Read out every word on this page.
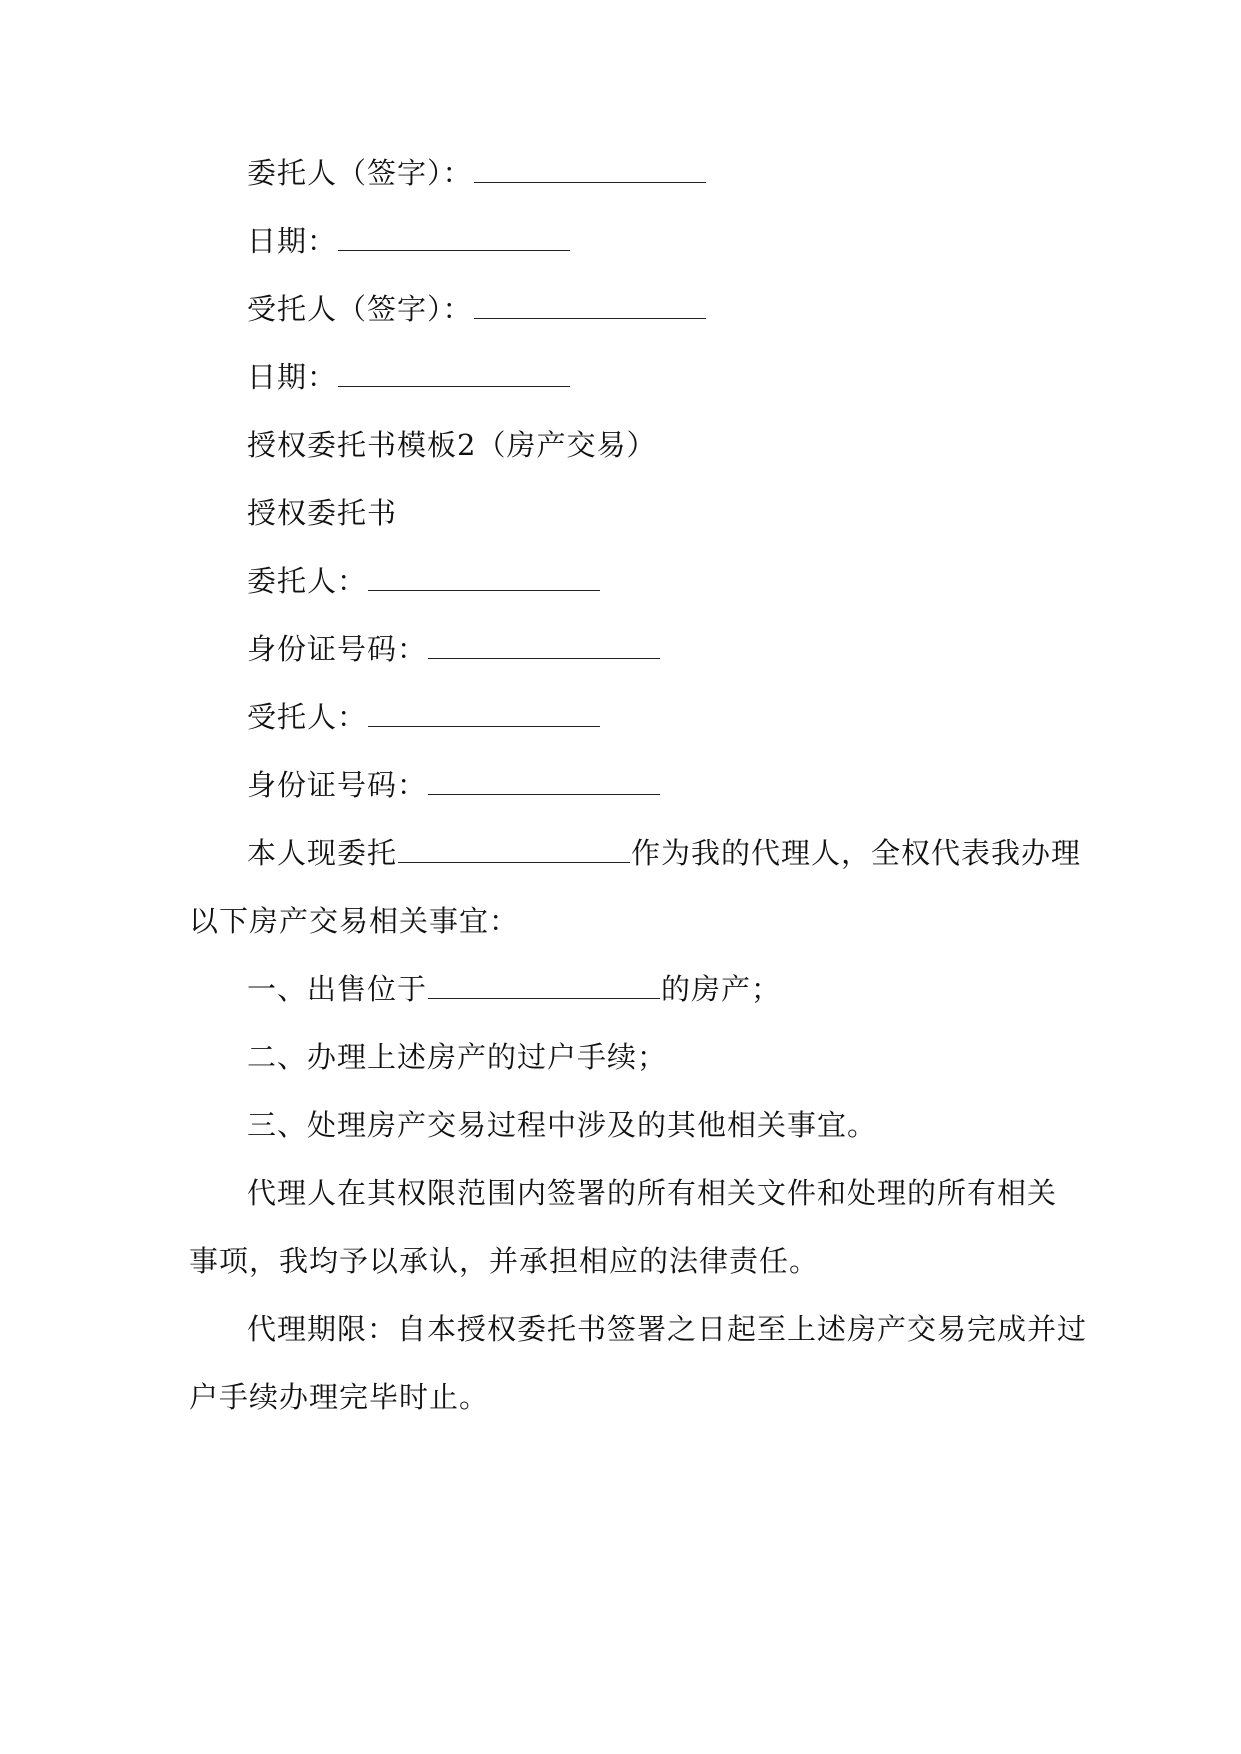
委托人（签字）：
日期：
受托人（签字）：
日期：
授权委托书模板2（房产交易）
授权委托书
委托人：
身份证号码：
受托人：
身份证号码：
本人现委托	作为我的代理人，全权代表我办理
以下房产交易相关事宜：
一、出售位于	的房产；
二、办理上述房产的过户手续；
三、处理房产交易过程中涉及的其他相关事宜。
代理人在其权限范围内签署的所有相关文件和处理的所有相关
事项，我均予以承认，并承担相应的法律责任。
代理期限：自本授权委托书签署之日起至上述房产交易完成并过
户手续办理完毕时止。
